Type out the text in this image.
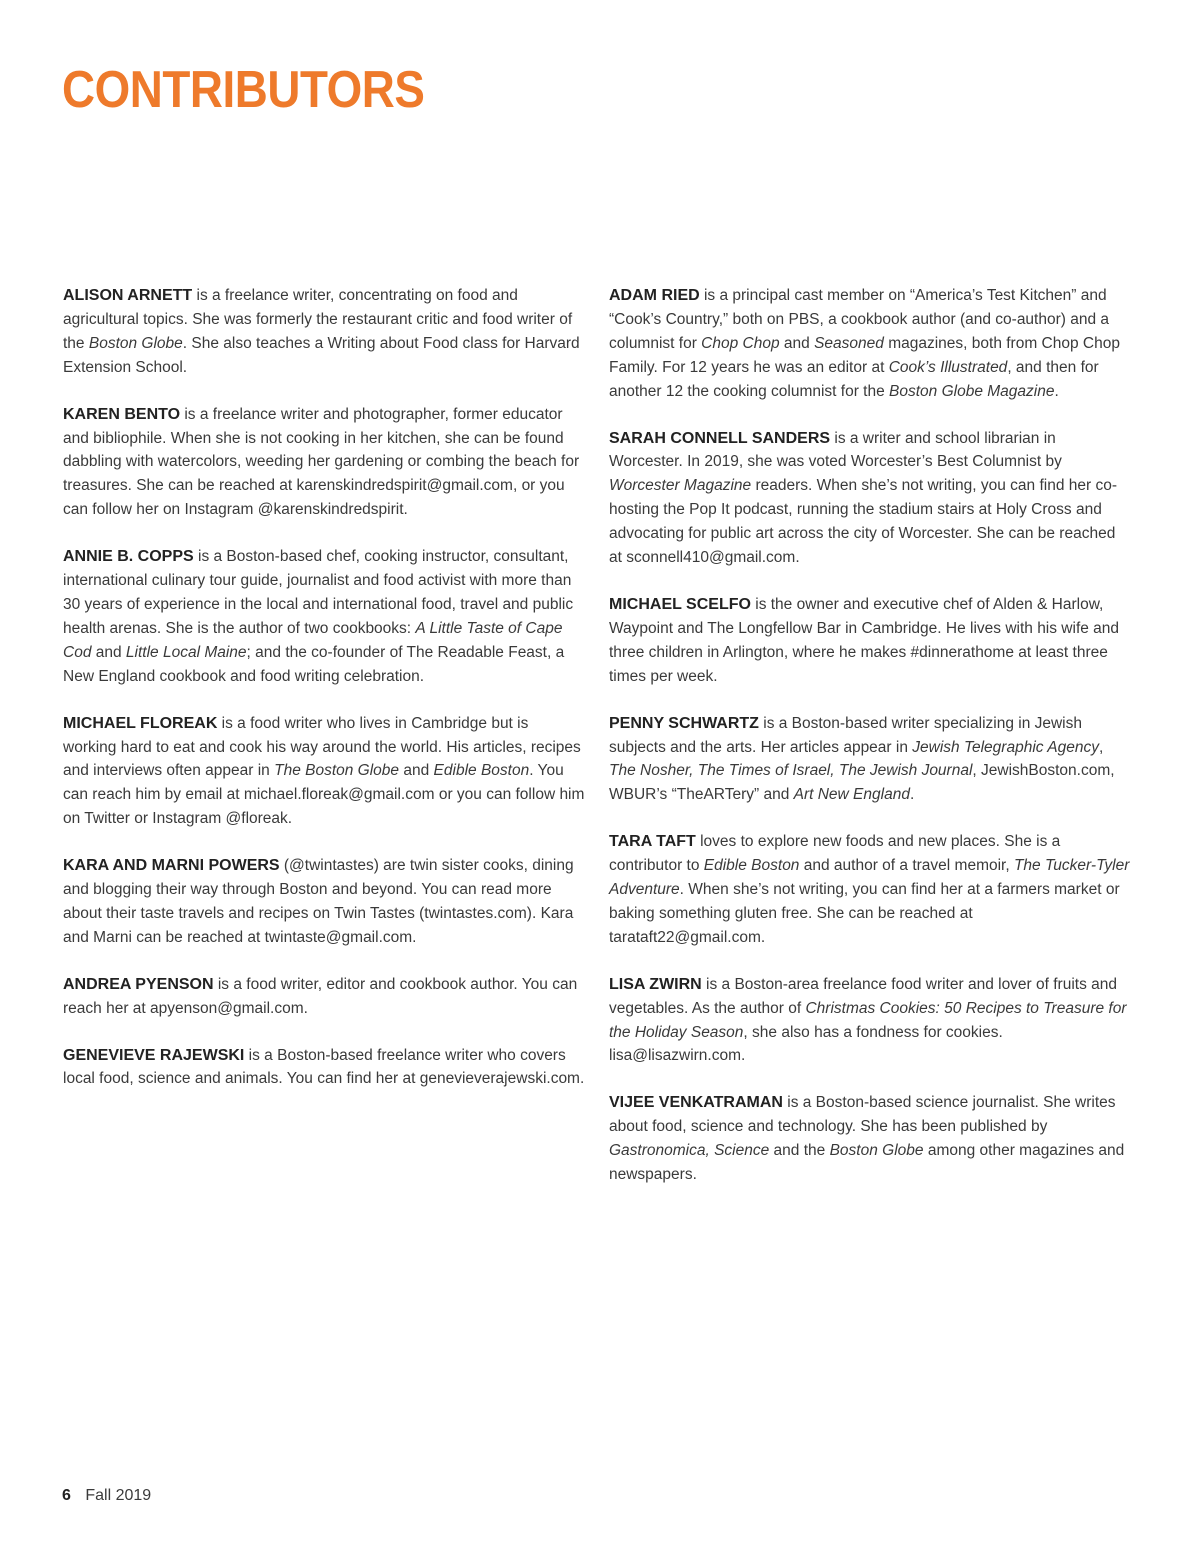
CONTRIBUTORS

ALISON ARNETT is a freelance writer, concentrating on food and agricultural topics. She was formerly the restaurant critic and food writer of the Boston Globe. She also teaches a Writing about Food class for Harvard Extension School.

KAREN BENTO is a freelance writer and photographer, former educator and bibliophile. When she is not cooking in her kitchen, she can be found dabbling with watercolors, weeding her gardening or combing the beach for treasures. She can be reached at karenskindredspirit@gmail.com, or you can follow her on Instagram @karenskindredspirit.

ANNIE B. COPPS is a Boston-based chef, cooking instructor, consultant, international culinary tour guide, journalist and food activist with more than 30 years of experience in the local and international food, travel and public health arenas. She is the author of two cookbooks: A Little Taste of Cape Cod and Little Local Maine; and the co-founder of The Readable Feast, a New England cookbook and food writing celebration.

MICHAEL FLOREAK is a food writer who lives in Cambridge but is working hard to eat and cook his way around the world. His articles, recipes and interviews often appear in The Boston Globe and Edible Boston. You can reach him by email at michael.floreak@gmail.com or you can follow him on Twitter or Instagram @floreak.

KARA AND MARNI POWERS (@twintastes) are twin sister cooks, dining and blogging their way through Boston and beyond. You can read more about their taste travels and recipes on Twin Tastes (twintastes.com). Kara and Marni can be reached at twintaste@gmail.com.

ANDREA PYENSON is a food writer, editor and cookbook author. You can reach her at apyenson@gmail.com.

GENEVIEVE RAJEWSKI is a Boston-based freelance writer who covers local food, science and animals. You can find her at genevieverajewski.com.

ADAM RIED is a principal cast member on “America’s Test Kitchen” and “Cook’s Country,” both on PBS, a cookbook author (and co-author) and a columnist for Chop Chop and Seasoned magazines, both from Chop Chop Family. For 12 years he was an editor at Cook’s Illustrated, and then for another 12 the cooking columnist for the Boston Globe Magazine.

SARAH CONNELL SANDERS is a writer and school librarian in Worcester. In 2019, she was voted Worcester’s Best Columnist by Worcester Magazine readers. When she’s not writing, you can find her co-hosting the Pop It podcast, running the stadium stairs at Holy Cross and advocating for public art across the city of Worcester. She can be reached at sconnell410@gmail.com.

MICHAEL SCELFO is the owner and executive chef of Alden & Harlow, Waypoint and The Longfellow Bar in Cambridge. He lives with his wife and three children in Arlington, where he makes #dinnerathome at least three times per week.

PENNY SCHWARTZ is a Boston-based writer specializing in Jewish subjects and the arts. Her articles appear in Jewish Telegraphic Agency, The Nosher, The Times of Israel, The Jewish Journal, JewishBoston.com, WBUR’s “TheARTery” and Art New England.

TARA TAFT loves to explore new foods and new places. She is a contributor to Edible Boston and author of a travel memoir, The Tucker-Tyler Adventure. When she’s not writing, you can find her at a farmers market or baking something gluten free. She can be reached at tarataft22@gmail.com.

LISA ZWIRN is a Boston-area freelance food writer and lover of fruits and vegetables. As the author of Christmas Cookies: 50 Recipes to Treasure for the Holiday Season, she also has a fondness for cookies. lisa@lisazwirn.com.

VIJEE VENKATRAMAN is a Boston-based science journalist. She writes about food, science and technology. She has been published by Gastronomica, Science and the Boston Globe among other magazines and newspapers.

6 Fall 2019
